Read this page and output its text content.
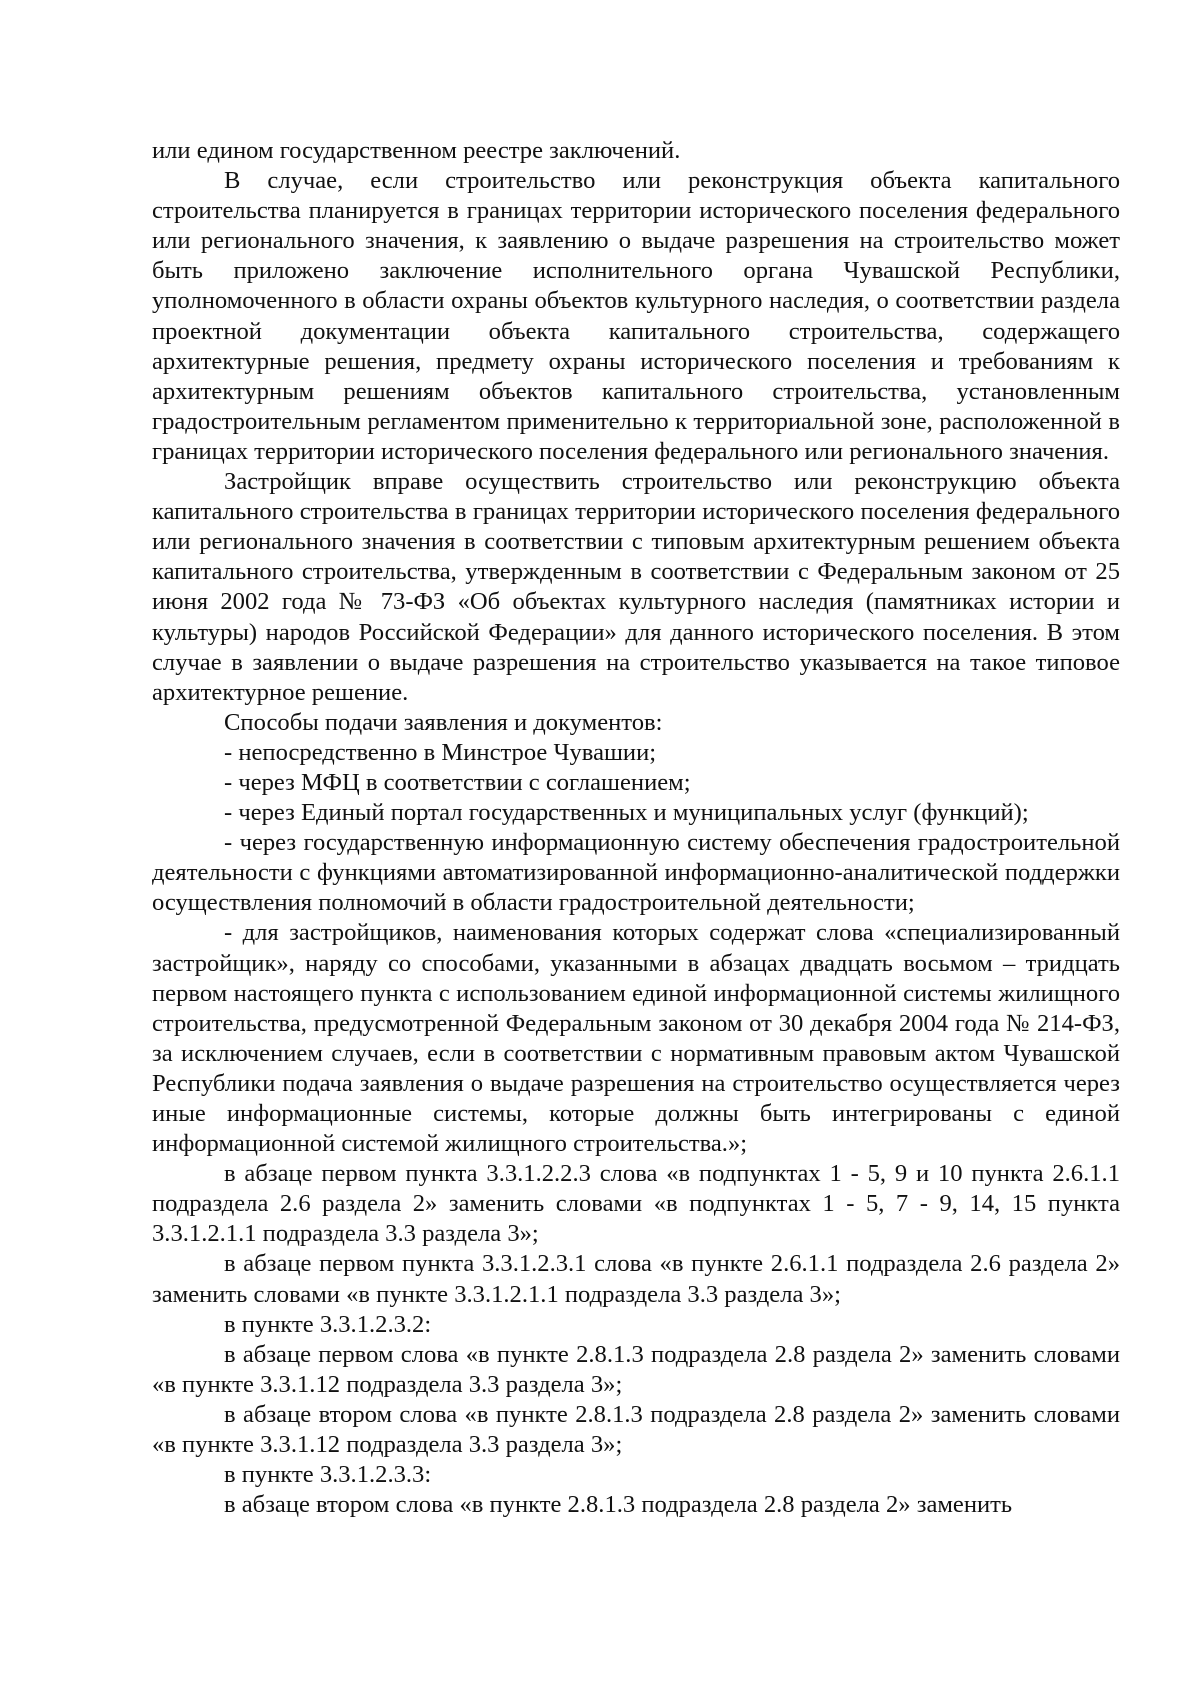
или едином государственном реестре заключений.

В случае, если строительство или реконструкция объекта капитального строительства планируется в границах территории исторического поселения федерального или регионального значения, к заявлению о выдаче разрешения на строительство может быть приложено заключение исполнительного органа Чувашской Республики, уполномоченного в области охраны объектов культурного наследия, о соответствии раздела проектной документации объекта капитального строительства, содержащего архитектурные решения, предмету охраны исторического поселения и требованиям к архитектурным решениям объектов капитального строительства, установленным градостроительным регламентом применительно к территориальной зоне, расположенной в границах территории исторического поселения федерального или регионального значения.

Застройщик вправе осуществить строительство или реконструкцию объекта капитального строительства в границах территории исторического поселения федерального или регионального значения в соответствии с типовым архитектурным решением объекта капитального строительства, утвержденным в соответствии с Федеральным законом от 25 июня 2002 года № 73-ФЗ «Об объектах культурного наследия (памятниках истории и культуры) народов Российской Федерации» для данного исторического поселения. В этом случае в заявлении о выдаче разрешения на строительство указывается на такое типовое архитектурное решение.

Способы подачи заявления и документов:

- непосредственно в Минстрое Чувашии;

- через МФЦ в соответствии с соглашением;

- через Единый портал государственных и муниципальных услуг (функций);

- через государственную информационную систему обеспечения градостроительной деятельности с функциями автоматизированной информационно-аналитической поддержки осуществления полномочий в области градостроительной деятельности;

- для застройщиков, наименования которых содержат слова «специализированный застройщик», наряду со способами, указанными в абзацах двадцать восьмом – тридцать первом настоящего пункта с использованием единой информационной системы жилищного строительства, предусмотренной Федеральным законом от 30 декабря 2004 года № 214-ФЗ, за исключением случаев, если в соответствии с нормативным правовым актом Чувашской Республики подача заявления о выдаче разрешения на строительство осуществляется через иные информационные системы, которые должны быть интегрированы с единой информационной системой жилищного строительства.»;

в абзаце первом пункта 3.3.1.2.2.3 слова «в подпунктах 1 - 5, 9 и 10 пункта 2.6.1.1 подраздела 2.6 раздела 2» заменить словами «в подпунктах 1 - 5, 7 - 9, 14, 15 пункта 3.3.1.2.1.1 подраздела 3.3 раздела 3»;

в абзаце первом пункта 3.3.1.2.3.1 слова «в пункте 2.6.1.1 подраздела 2.6 раздела 2» заменить словами «в пункте 3.3.1.2.1.1 подраздела 3.3 раздела 3»;

в пункте 3.3.1.2.3.2:

в абзаце первом слова «в пункте 2.8.1.3 подраздела 2.8 раздела 2» заменить словами «в пункте 3.3.1.12 подраздела 3.3 раздела 3»;

в абзаце втором слова «в пункте 2.8.1.3 подраздела 2.8 раздела 2» заменить словами «в пункте 3.3.1.12 подраздела 3.3 раздела 3»;

в пункте 3.3.1.2.3.3:

в абзаце втором слова «в пункте 2.8.1.3 подраздела 2.8 раздела 2» заменить
